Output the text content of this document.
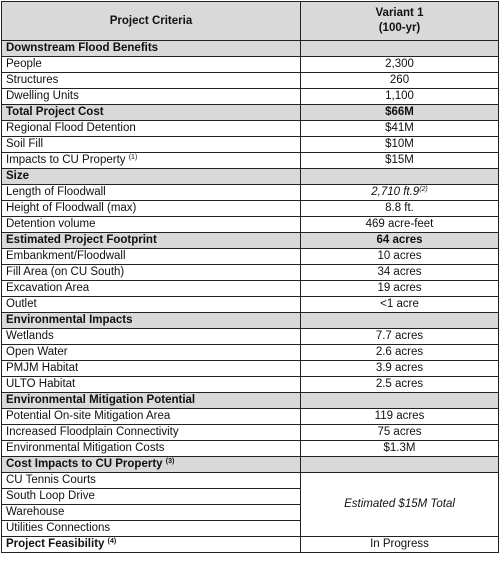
Project Criteria	Variant 1
(100-yr)

Downstream Flood Benefits	
People	2,300
Structures	260
Dwelling Units	1,100
Total Project Cost	$66M
Regional Flood Detention	$41M
Soil Fill	$10M
Impacts to CU Property $^{(1)}$	$15M
Size	
Length of Floodwall	2,710 ft.9$^{(2)}$
Height of Floodwall (max)	8.8 ft.
Detention volume	469 acre-feet
Estimated Project Footprint	64 acres
Embankment/Floodwall	10 acres
Fill Area (on CU South)	34 acres
Excavation Area	19 acres
Outlet	<1 acre
Environmental Impacts	
Wetlands	7.7 acres
Open Water	2.6 acres
PMJM Habitat	3.9 acres
ULTO Habitat	2.5 acres
Environmental Mitigation Potential	
Potential On-site Mitigation Area	119 acres
Increased Floodplain Connectivity	75 acres
Environmental Mitigation Costs	$1.3M
Cost Impacts to CU Property $^{(3)}$	
CU Tennis Courts	Estimated $15M Total
South Loop Drive	
Warehouse	
Utilities Connections	
Project Feasibility $^{(4)}$	In Progress
